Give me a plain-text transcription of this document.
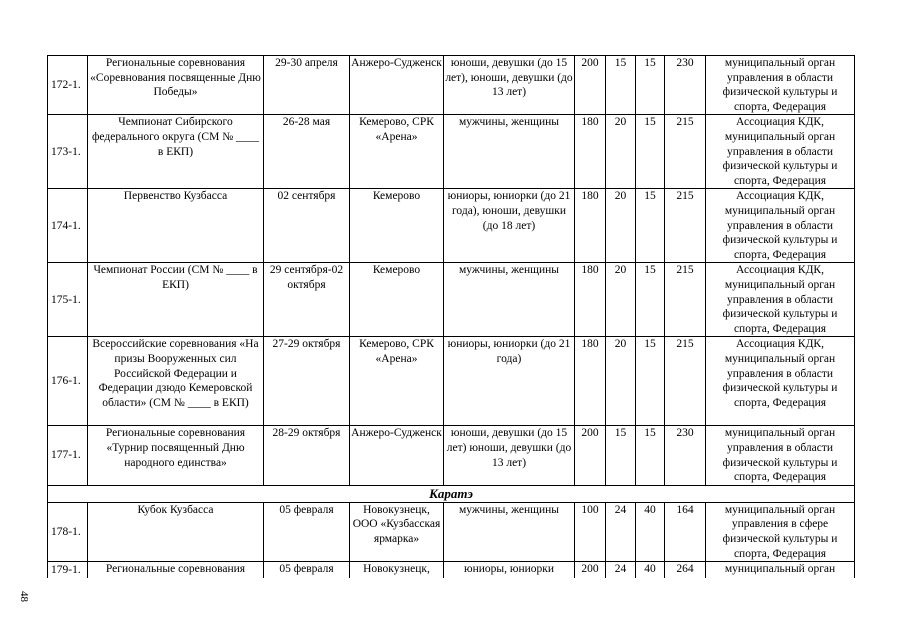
172-1.	Региональные соревнования «Соревнования посвященные Дню Победы»	29-30 апреля	Анжеро-Судженск	юноши, девушки (до 15 лет), юноши, девушки (до 13 лет)	200	15	15	230	муниципальный орган управления в области физической культуры и спорта, Федерация
173-1.	Чемпионат Сибирского федерального округа (СМ № ____ в ЕКП)	26-28 мая	Кемерово, СРК «Арена»	мужчины, женщины	180	20	15	215	Ассоциация КДК, муниципальный орган управления в области физической культуры и спорта, Федерация
174-1.	Первенство Кузбасса	02 сентября	Кемерово	юниоры, юниорки (до 21 года), юноши, девушки (до 18 лет)	180	20	15	215	Ассоциация КДК, муниципальный орган управления в области физической культуры и спорта, Федерация
175-1.	Чемпионат России (СМ № ____ в ЕКП)	29 сентября-02 октября	Кемерово	мужчины, женщины	180	20	15	215	Ассоциация КДК, муниципальный орган управления в области физической культуры и спорта, Федерация
176-1.	Всероссийские соревнования «На призы Вооруженных сил Российской Федерации и Федерации дзюдо Кемеровской области» (СМ № ____ в ЕКП)	27-29 октября	Кемерово, СРК «Арена»	юниоры, юниорки (до 21 года)	180	20	15	215	Ассоциация КДК, муниципальный орган управления в области физической культуры и спорта, Федерация
177-1.	Региональные соревнования «Турнир посвященный Дню народного единства»	28-29 октября	Анжеро-Судженск	юноши, девушки (до 15 лет) юноши, девушки (до 13 лет)	200	15	15	230	муниципальный орган управления в области физической культуры и спорта, Федерация
Каратэ									
178-1.	Кубок Кузбасса	05 февраля	Новокузнецк, ООО «Кузбасская ярмарка»	мужчины, женщины	100	24	40	164	муниципальный орган управления в сфере физической культуры и спорта, Федерация
179-1.	Региональные соревнования	05 февраля	Новокузнецк,	юниоры, юниорки	200	24	40	264	муниципальный орган
48
